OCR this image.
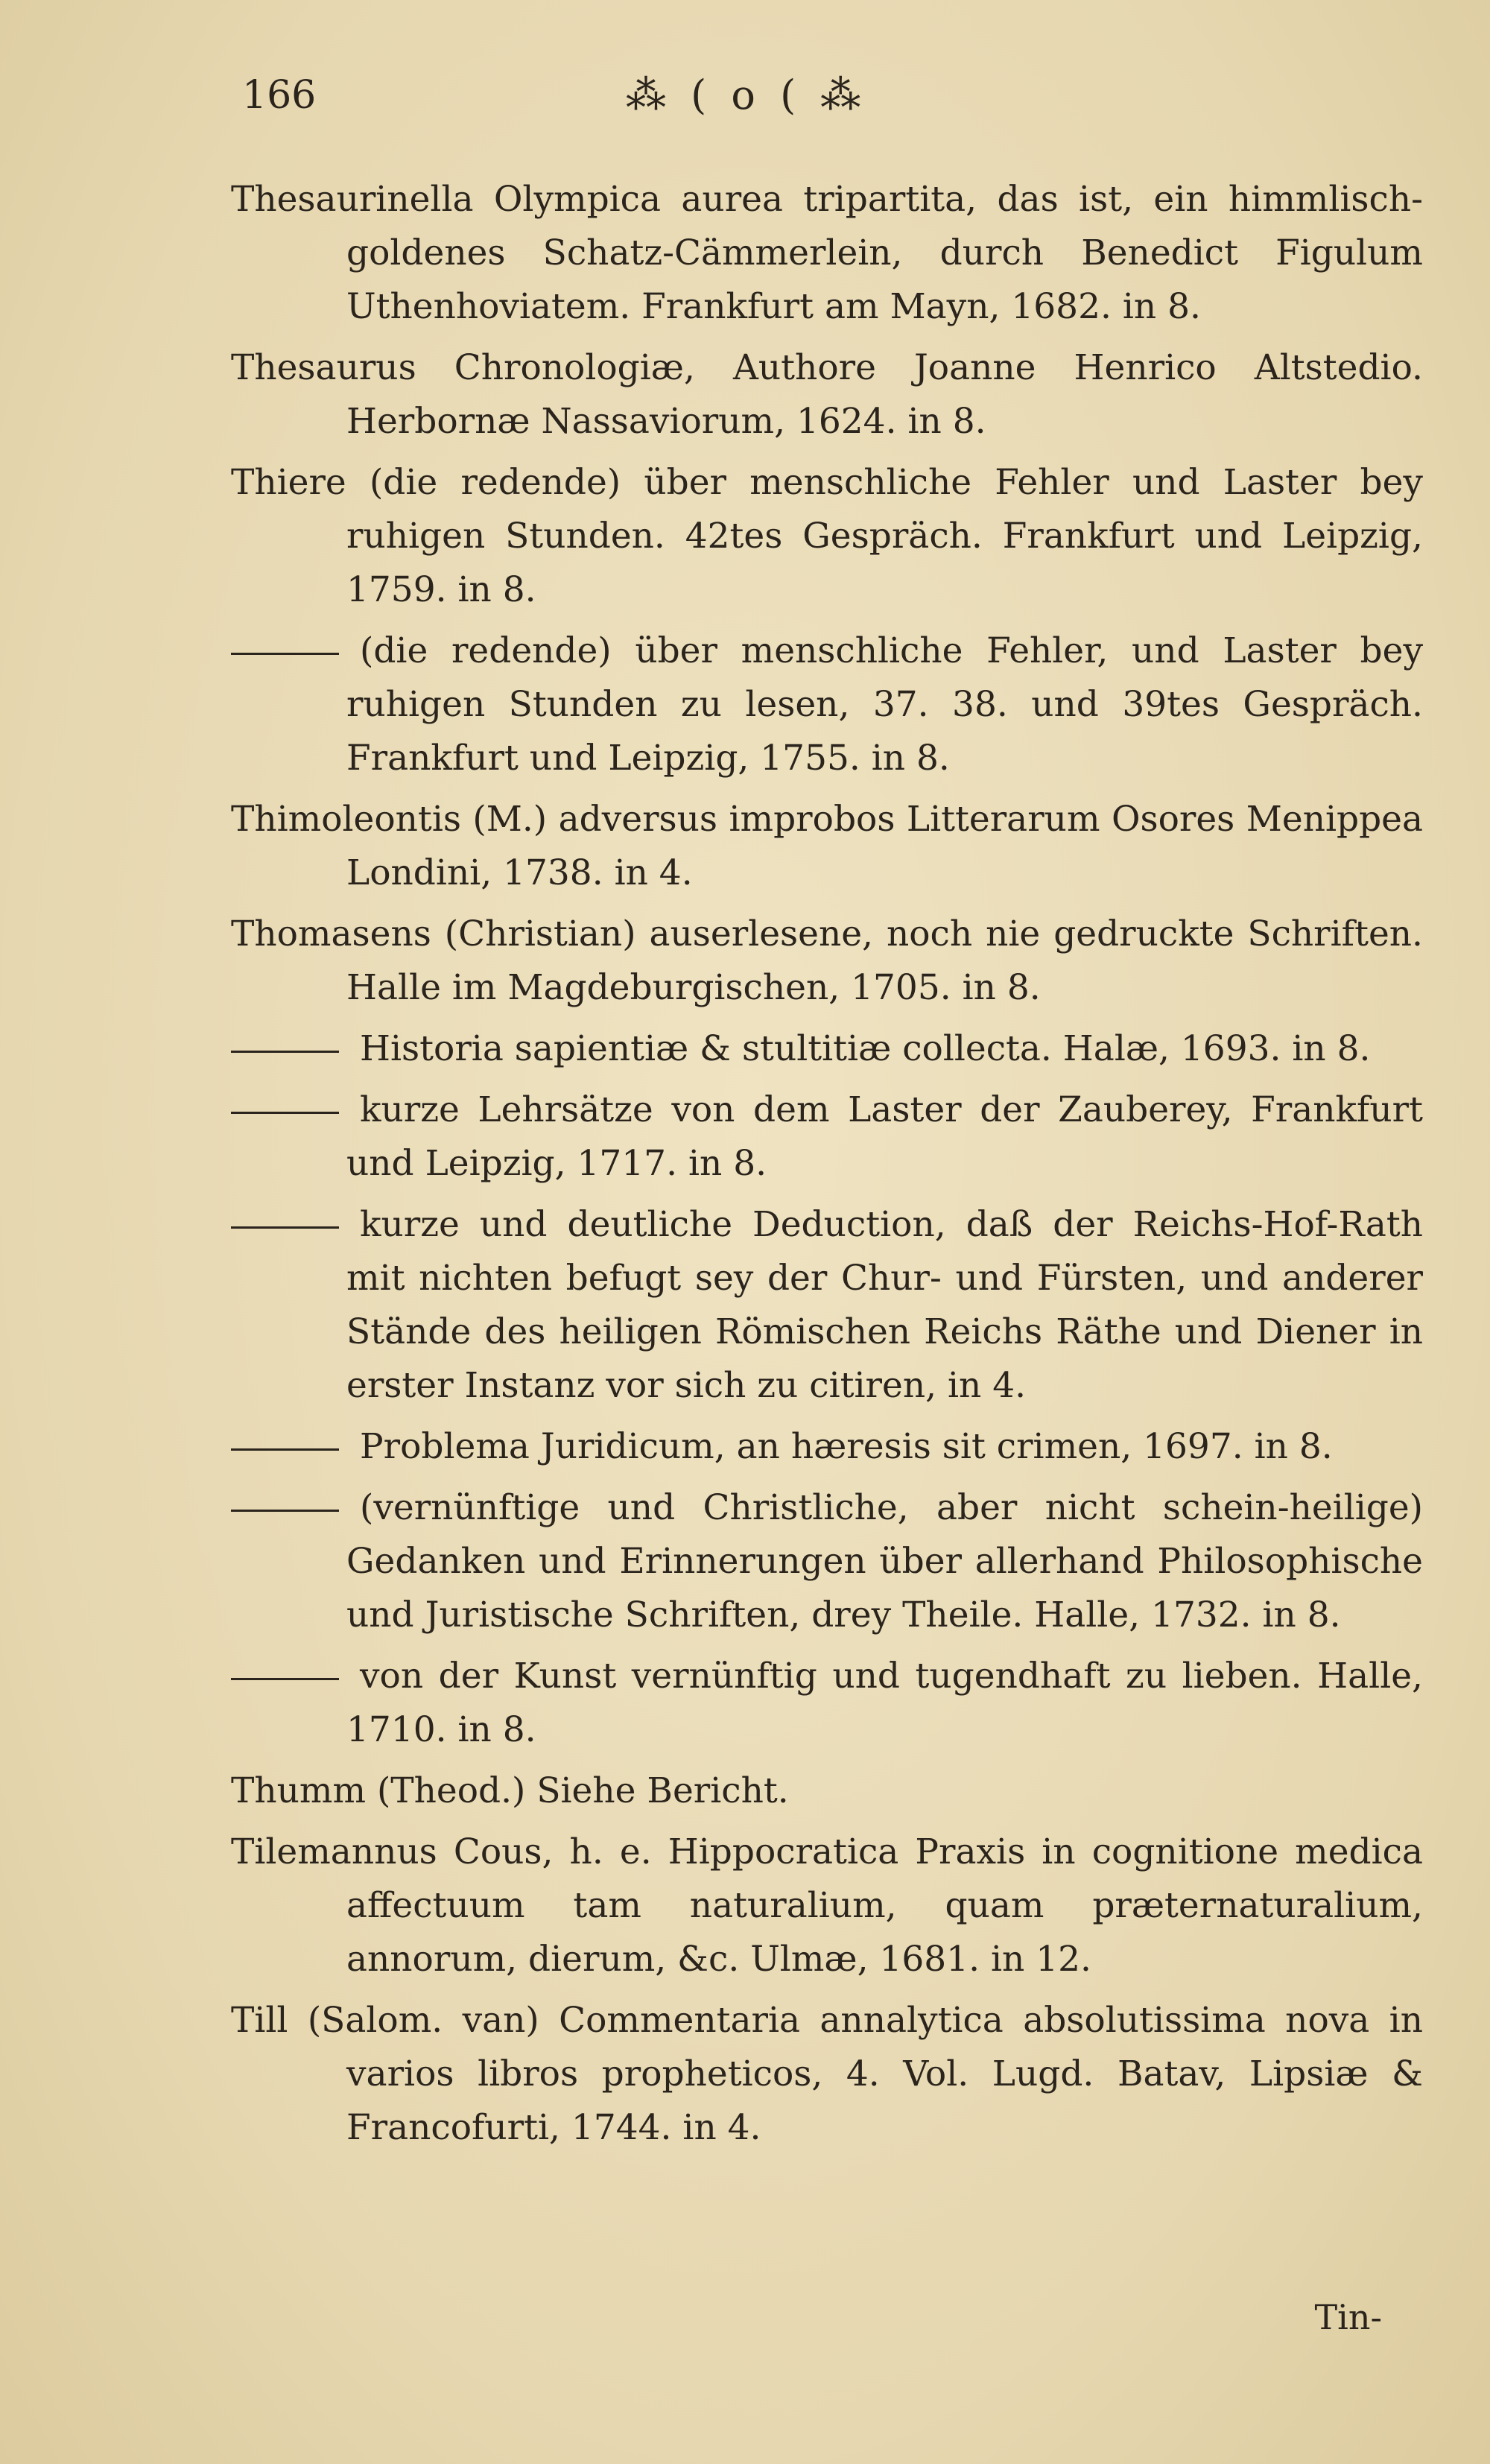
166	⁂ ( o ( ⁂

Thesaurinella Olympica aurea tripartita, das ist, ein himmlisch-goldenes Schatz-Cämmerlein, durch Benedict Figulum Uthenhoviatem. Frankfurt am Mayn, 1682. in 8.

Thesaurus Chronologiæ, Authore Joanne Henrico Altstedio. Herbornæ Nassaviorum, 1624. in 8.

Thiere (die redende) über menschliche Fehler und Laster bey ruhigen Stunden. 42tes Gespräch. Frankfurt und Leipzig, 1759. in 8.

(die redende) über menschliche Fehler, und Laster bey ruhigen Stunden zu lesen, 37. 38. und 39tes Gespräch. Frankfurt und Leipzig, 1755. in 8.

Thimoleontis (M.) adversus improbos Litterarum Osores Menippea Londini, 1738. in 4.

Thomasens (Christian) auserlesene, noch nie gedruckte Schriften. Halle im Magdeburgischen, 1705. in 8.

Historia sapientiæ & stultitiæ collecta. Halæ, 1693. in 8.

kurze Lehrsätze von dem Laster der Zauberey, Frankfurt und Leipzig, 1717. in 8.

kurze und deutliche Deduction, daß der Reichs-Hof-Rath mit nichten befugt sey der Chur- und Fürsten, und anderer Stände des heiligen Römischen Reichs Räthe und Diener in erster Instanz vor sich zu citiren, in 4.

Problema Juridicum, an hæresis sit crimen, 1697. in 8.

(vernünftige und Christliche, aber nicht schein-heilige) Gedanken und Erinnerungen über allerhand Philosophische und Juristische Schriften, drey Theile. Halle, 1732. in 8.

von der Kunst vernünftig und tugendhaft zu lieben. Halle, 1710. in 8.

Thumm (Theod.) Siehe Bericht.

Tilemannus Cous, h. e. Hippocratica Praxis in cognitione medica affectuum tam naturalium, quam præternaturalium, annorum, dierum, &c. Ulmæ, 1681. in 12.

Till (Salom. van) Commentaria annalytica absolutissima nova in varios libros propheticos, 4. Vol. Lugd. Batav, Lipsiæ & Francofurti, 1744. in 4.

Tin-
